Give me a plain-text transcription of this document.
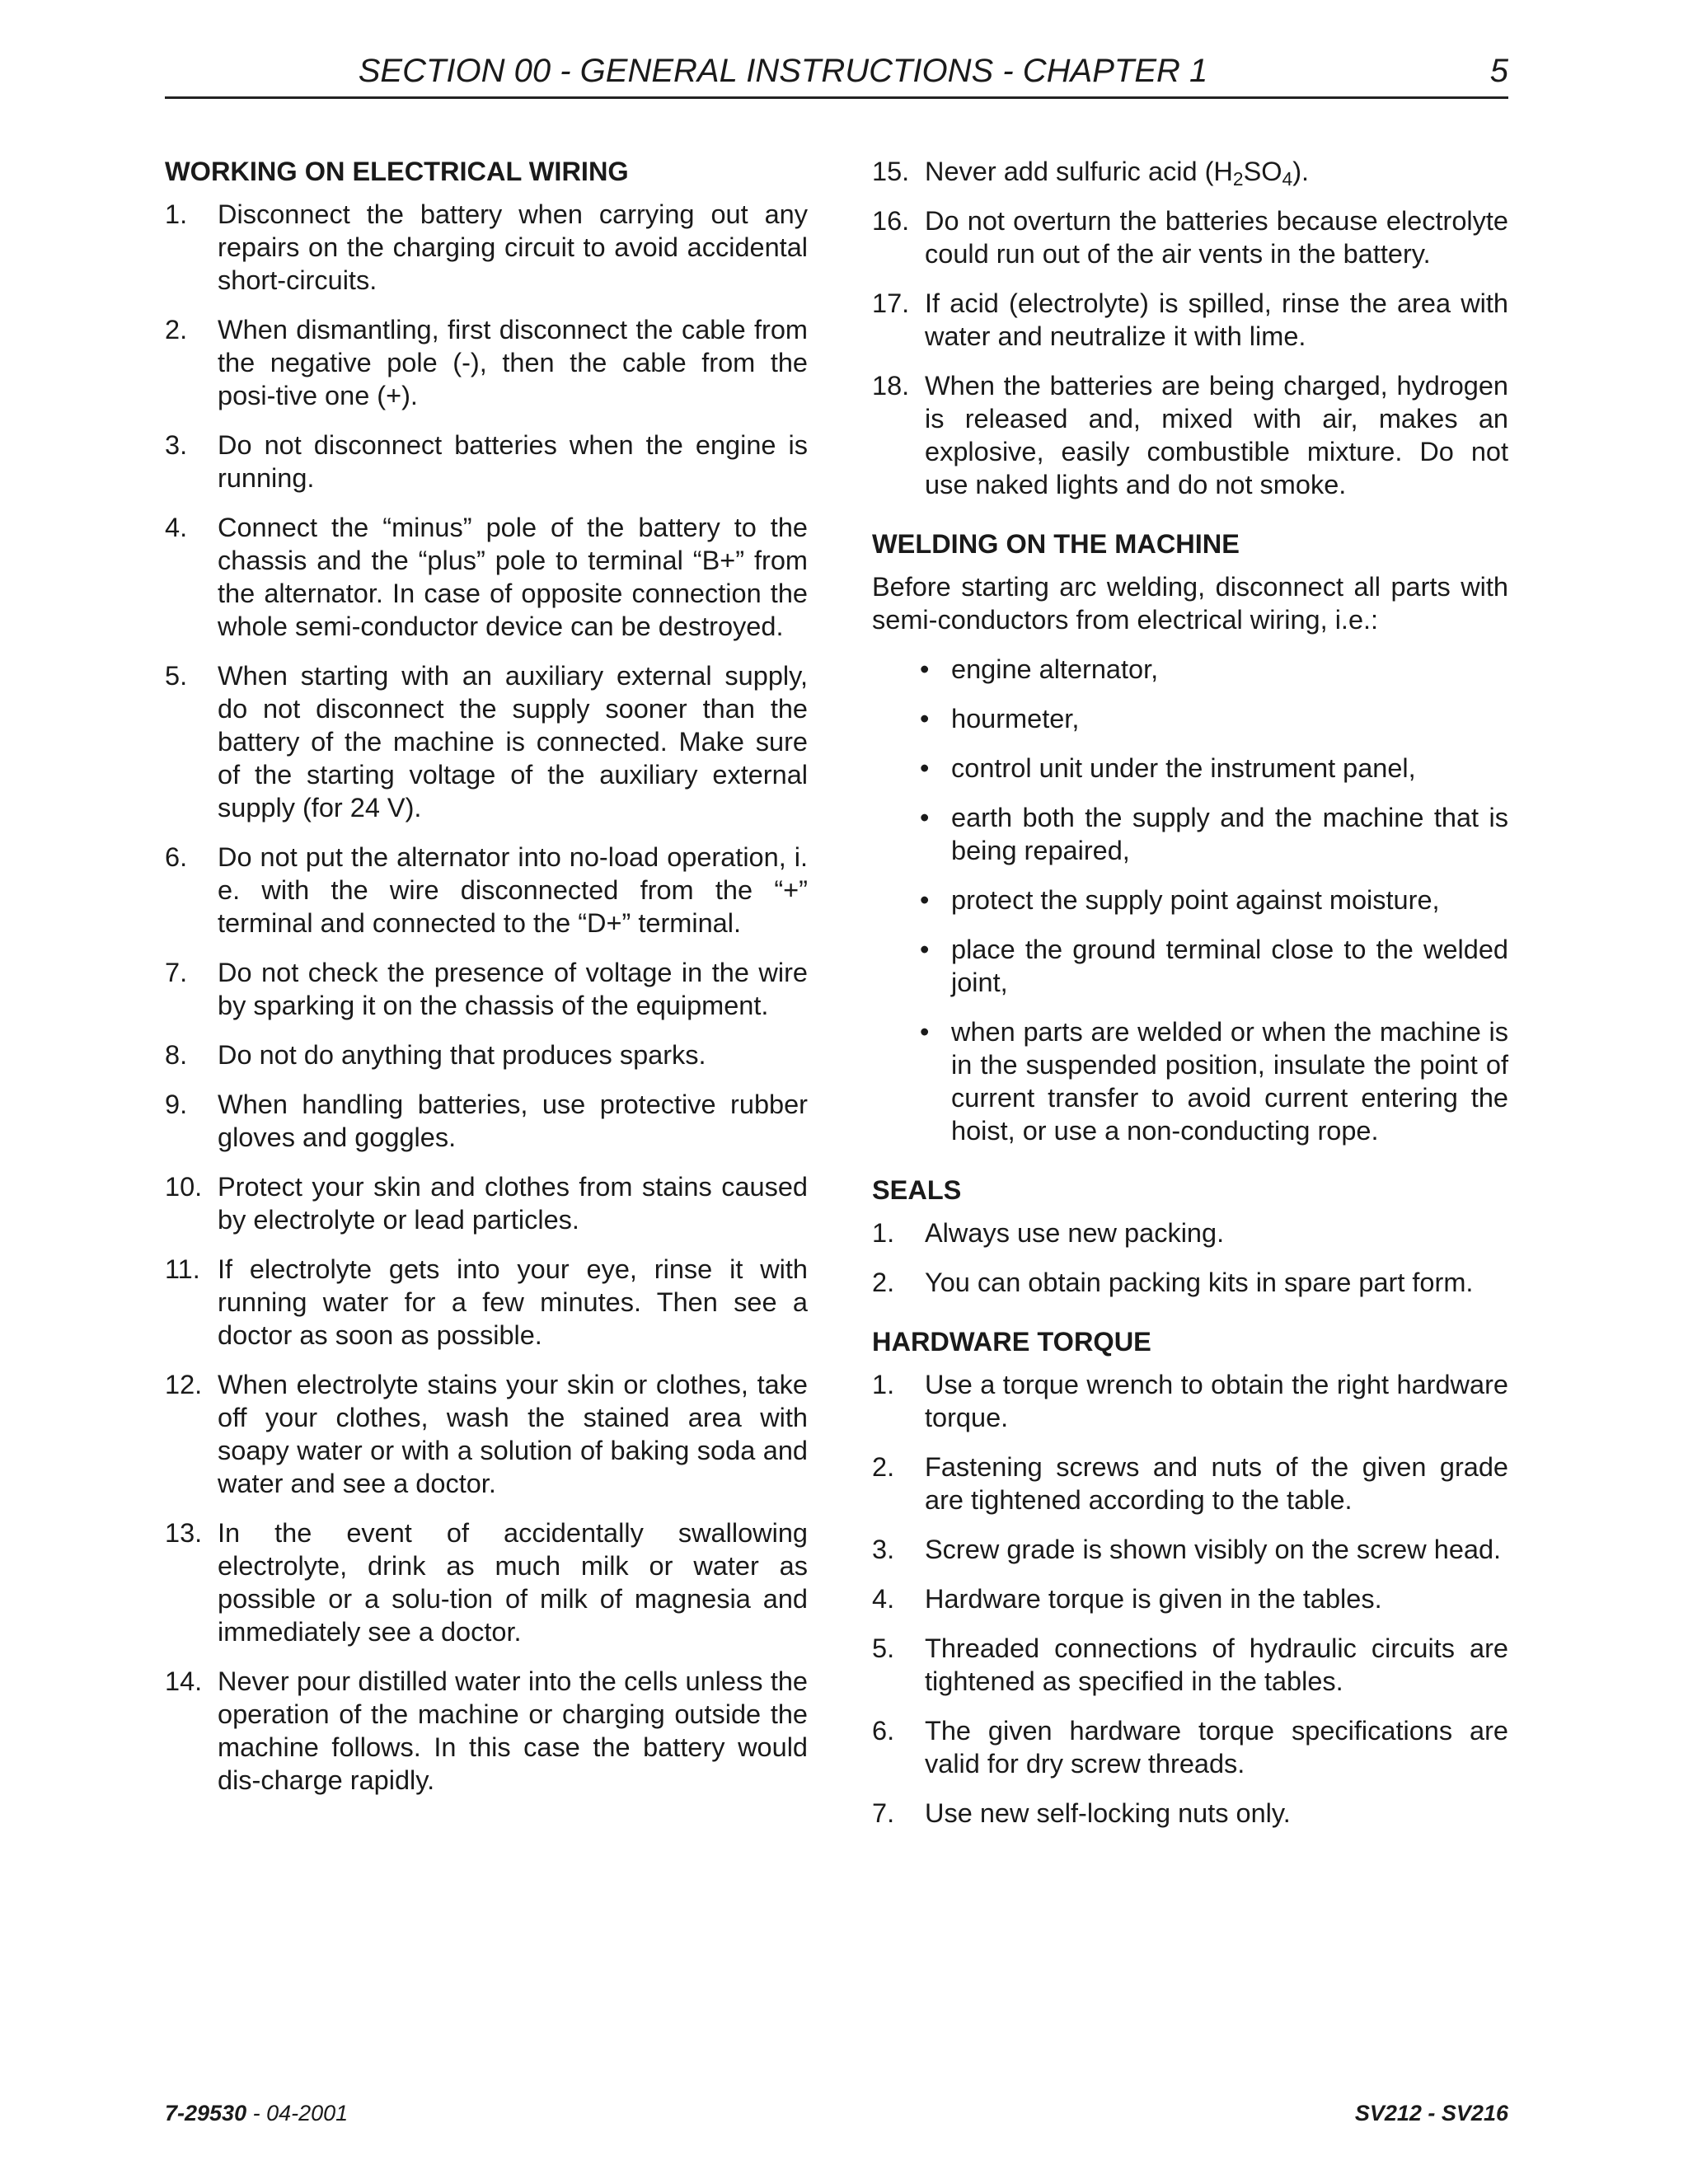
SECTION 00 - GENERAL INSTRUCTIONS - CHAPTER 1	5
WORKING ON ELECTRICAL WIRING
1. Disconnect the battery when carrying out any repairs on the charging circuit to avoid accidental short-circuits.
2. When dismantling, first disconnect the cable from the negative pole (-), then the cable from the posi-tive one (+).
3. Do not disconnect batteries when the engine is running.
4. Connect the “minus” pole of the battery to the chassis and the “plus” pole to terminal “B+” from the alternator. In case of opposite connection the whole semi-conductor device can be destroyed.
5. When starting with an auxiliary external supply, do not disconnect the supply sooner than the battery of the machine is connected. Make sure of the starting voltage of the auxiliary external supply (for 24 V).
6. Do not put the alternator into no-load operation, i. e. with the wire disconnected from the “+” terminal and connected to the “D+” terminal.
7. Do not check the presence of voltage in the wire by sparking it on the chassis of the equipment.
8. Do not do anything that produces sparks.
9. When handling batteries, use protective rubber gloves and goggles.
10. Protect your skin and clothes from stains caused by electrolyte or lead particles.
11. If electrolyte gets into your eye, rinse it with running water for a few minutes. Then see a doctor as soon as possible.
12. When electrolyte stains your skin or clothes, take off your clothes, wash the stained area with soapy water or with a solution of baking soda and water and see a doctor.
13. In the event of accidentally swallowing electrolyte, drink as much milk or water as possible or a solu-tion of milk of magnesia and immediately see a doctor.
14. Never pour distilled water into the cells unless the operation of the machine or charging outside the machine follows. In this case the battery would dis-charge rapidly.
15. Never add sulfuric acid $(H_2SO_4)$.
16. Do not overturn the batteries because electrolyte could run out of the air vents in the battery.
17. If acid (electrolyte) is spilled, rinse the area with water and neutralize it with lime.
18. When the batteries are being charged, hydrogen is released and, mixed with air, makes an explosive, easily combustible mixture. Do not use naked lights and do not smoke.
WELDING ON THE MACHINE

Before starting arc welding, disconnect all parts with semi-conductors from electrical wiring, i.e.:

• engine alternator,
• hourmeter,
• control unit under the instrument panel,
• earth both the supply and the machine that is being repaired,
• protect the supply point against moisture,
• place the ground terminal close to the welded joint,
• when parts are welded or when the machine is in the suspended position, insulate the point of current transfer to avoid current entering the hoist, or use a non-conducting rope.
SEALS
1. Always use new packing.
2. You can obtain packing kits in spare part form.
HARDWARE TORQUE
1. Use a torque wrench to obtain the right hardware torque.
2. Fastening screws and nuts of the given grade are tightened according to the table.
3. Screw grade is shown visibly on the screw head.
4. Hardware torque is given in the tables.
5. Threaded connections of hydraulic circuits are tightened as specified in the tables.
6. The given hardware torque specifications are valid for dry screw threads.
7. Use new self-locking nuts only.
7-29530 - 04-2001	SV212 - SV216
